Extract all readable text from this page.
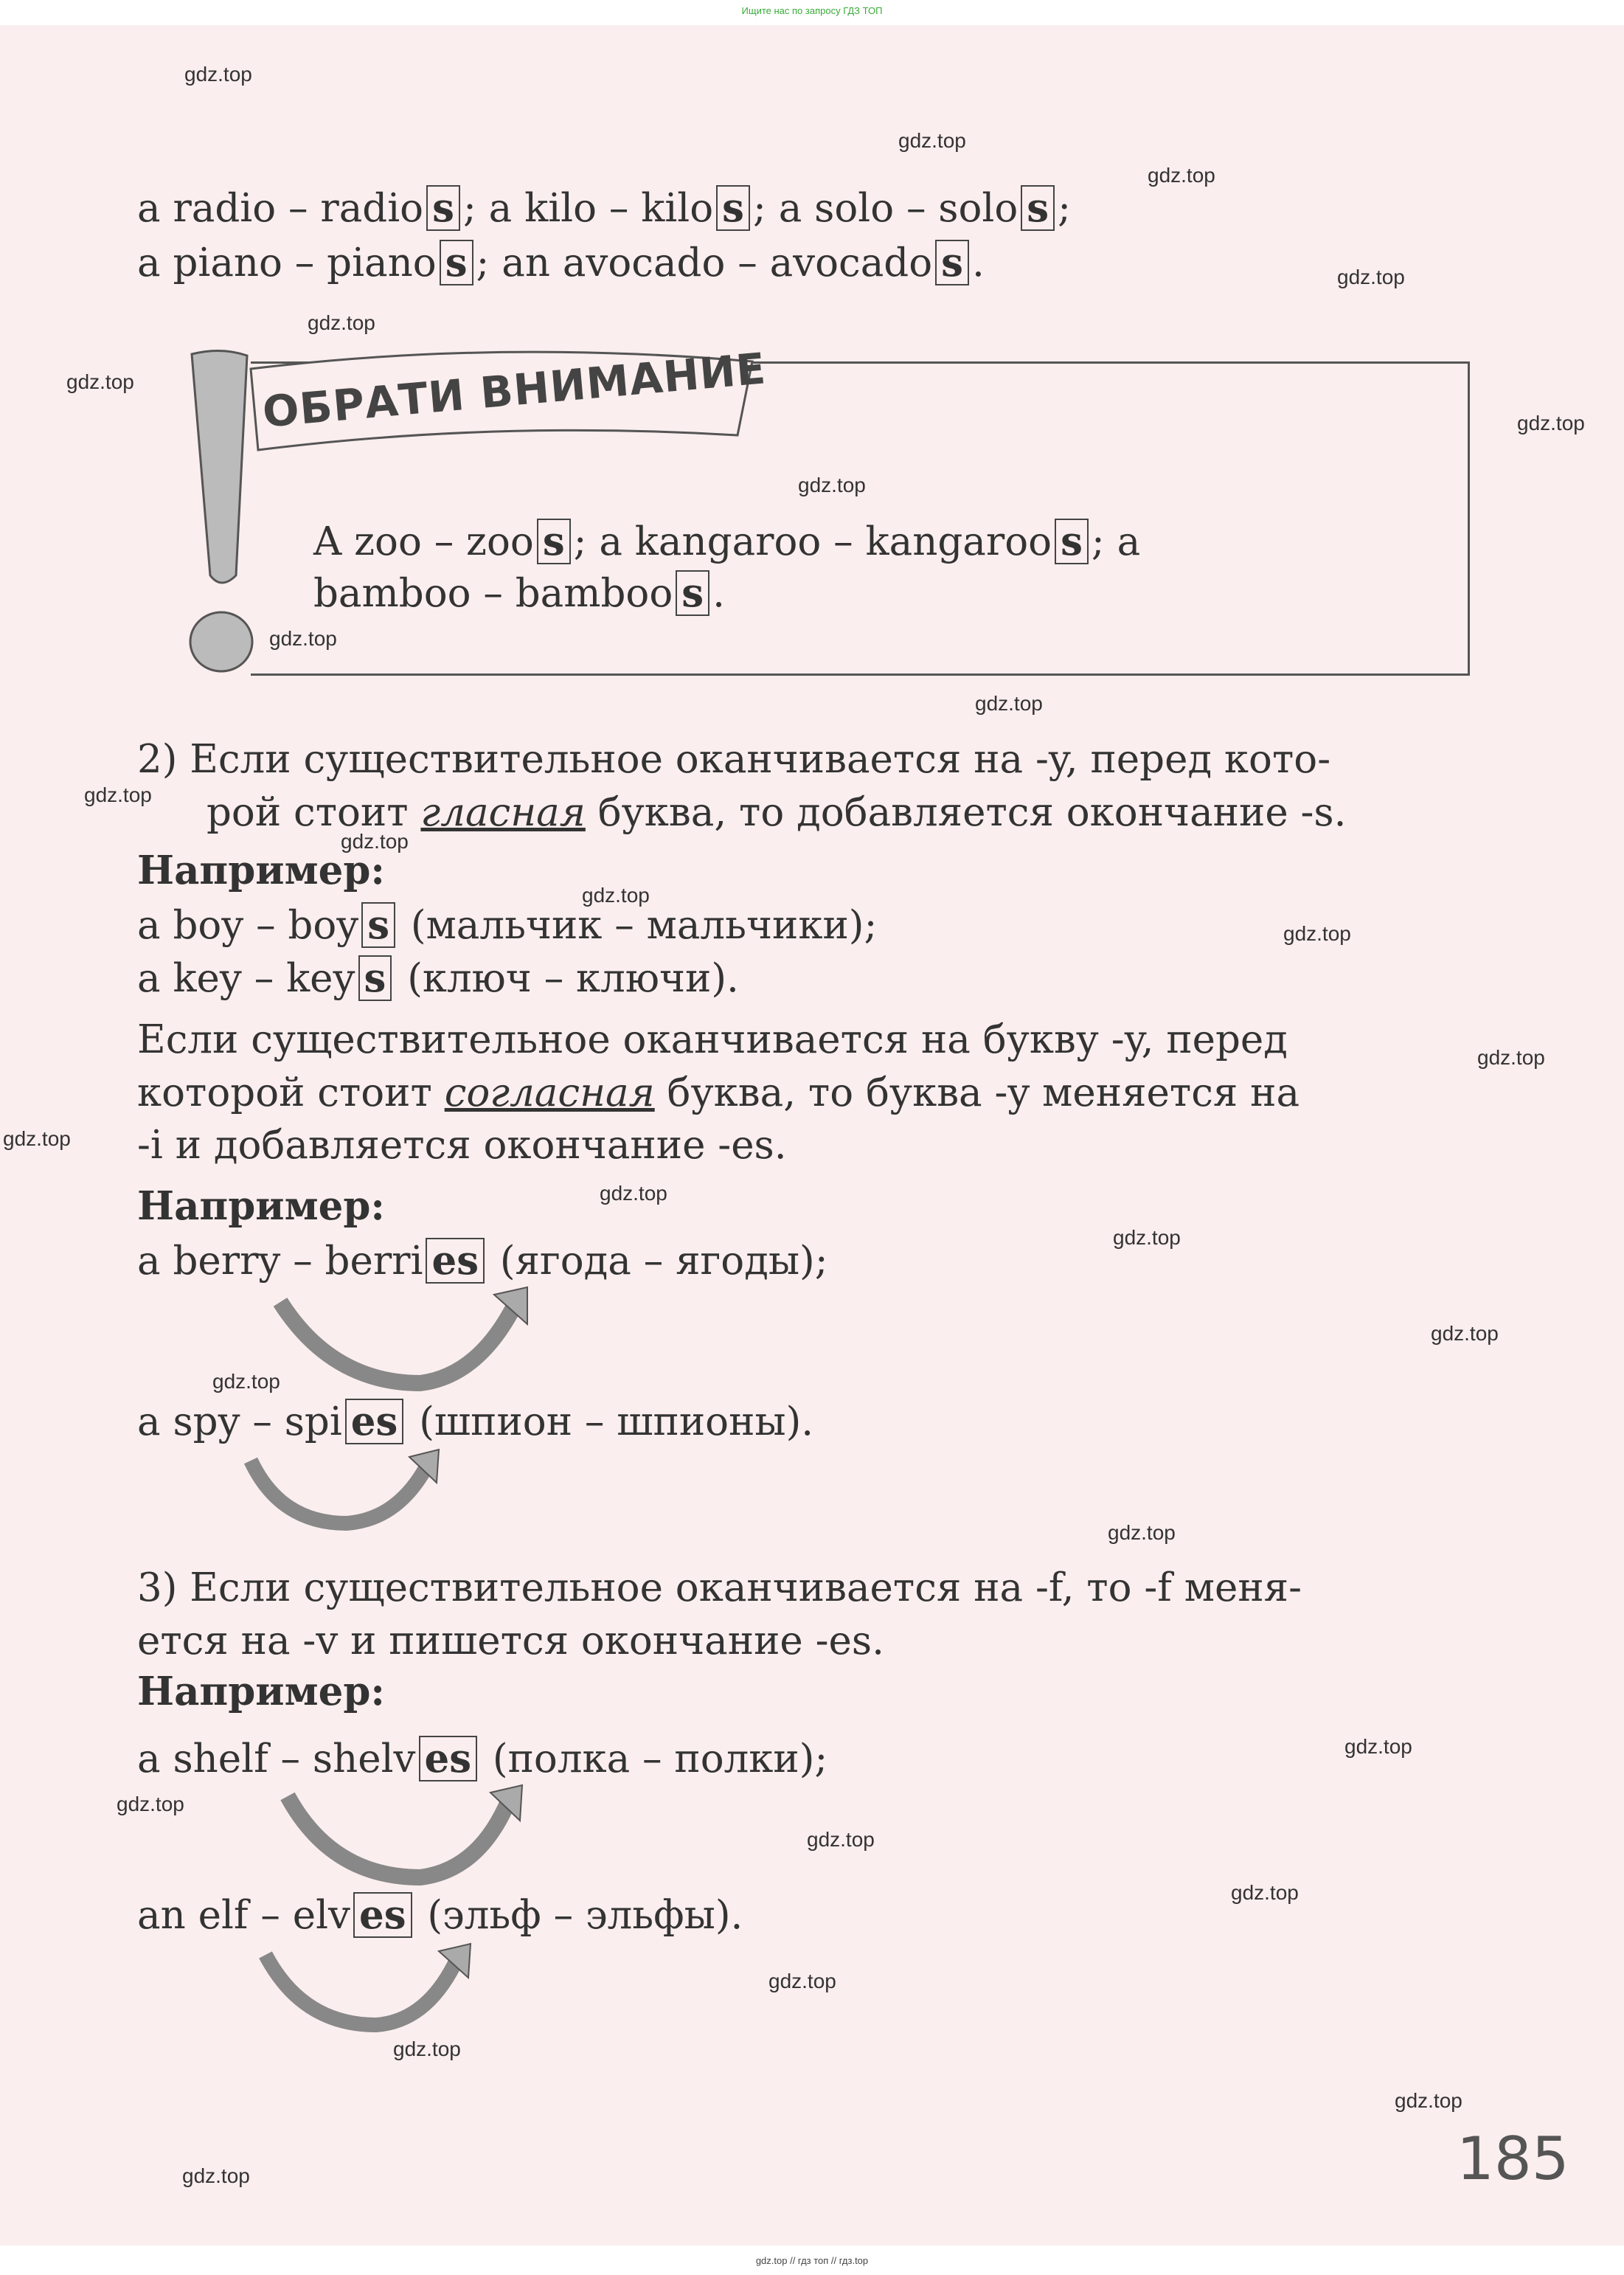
Ищите нас по запросу ГДЗ ТОП
a radio – radio s ; a kilo – kilo s ; a solo – solo s ;
a piano – piano s ; an avocado – avocado s .
ОБРАТИ ВНИМАНИЕ
A zoo – zoo s ; a kangaroo – kangaroo s ; a
bamboo – bamboo s .
2) Если существительное оканчивается на -y, перед кото-
рой стоит гласная буква, то добавляется окончание -s.
Например:
a boy – boy s (мальчик – мальчики);
a key – key s (ключ – ключи).
Если существительное оканчивается на букву -y, перед
которой стоит согласная буква, то буква -y меняется на
-i и добавляется окончание -es.
Например:
a berry – berri es (ягода – ягоды);
a spy – spi es (шпион – шпионы).
3) Если существительное оканчивается на -f, то -f меня-
ется на -v и пишется окончание -es.
Например:
a shelf – shelv es (полка – полки);
an elf – elv es (эльф – эльфы).
185
gdz.top
gdz.top
gdz.top
gdz.top
gdz.top
gdz.top
gdz.top
gdz.top
gdz.top
gdz.top
gdz.top
gdz.top
gdz.top
gdz.top
gdz.top
gdz.top
gdz.top
gdz.top
gdz.top
gdz.top
gdz.top
gdz.top
gdz.top
gdz.top
gdz.top
gdz.top
gdz.top
gdz.top
gdz.top
gdz.top // гдз топ // гдз.top
